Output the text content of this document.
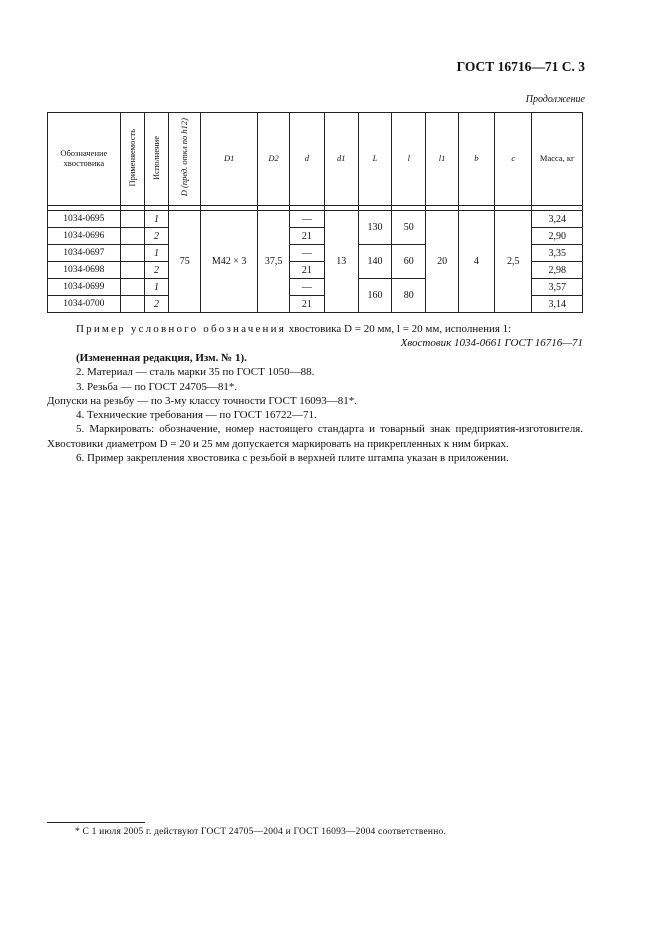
ГОСТ 16716—71 С. 3
Продолжение
Обозначение хвостовика	Применяемость	Исполнение	D (пред. откл по h12)	D1	D2	d	d1	L	l	l1	b	c	Масса, кг

1034-0695		1	75	M42 × 3	37,5	—	13	130	50	20	4	2,5	3,24
1034-0696		2				21							2,90
1034-0697		1				—		140	60				3,35
1034-0698		2				21							2,98
1034-0699		1				—		160	80				3,57
1034-0700		2				21							3,14
Пример условного обозначения хвостовика D = 20 мм, l = 20 мм, исполнения 1:
Хвостовик 1034-0661 ГОСТ 16716—71

(Измененная редакция, Изм. № 1).

2. Материал — сталь марки 35 по ГОСТ 1050—88.

3. Резьба — по ГОСТ 24705—81*.

Допуски на резьбу — по 3-му классу точности ГОСТ 16093—81*.

4. Технические требования — по ГОСТ 16722—71.

5. Маркировать: обозначение, номер настоящего стандарта и товарный знак предприятия-изготовителя. Хвостовики диаметром D = 20 и 25 мм допускается маркировать на прикрепленных к ним бирках.

6. Пример закрепления хвостовика с резьбой в верхней плите штампа указан в приложении.

* С 1 июля 2005 г. действуют ГОСТ 24705—2004 и ГОСТ 16093—2004 соответственно.
